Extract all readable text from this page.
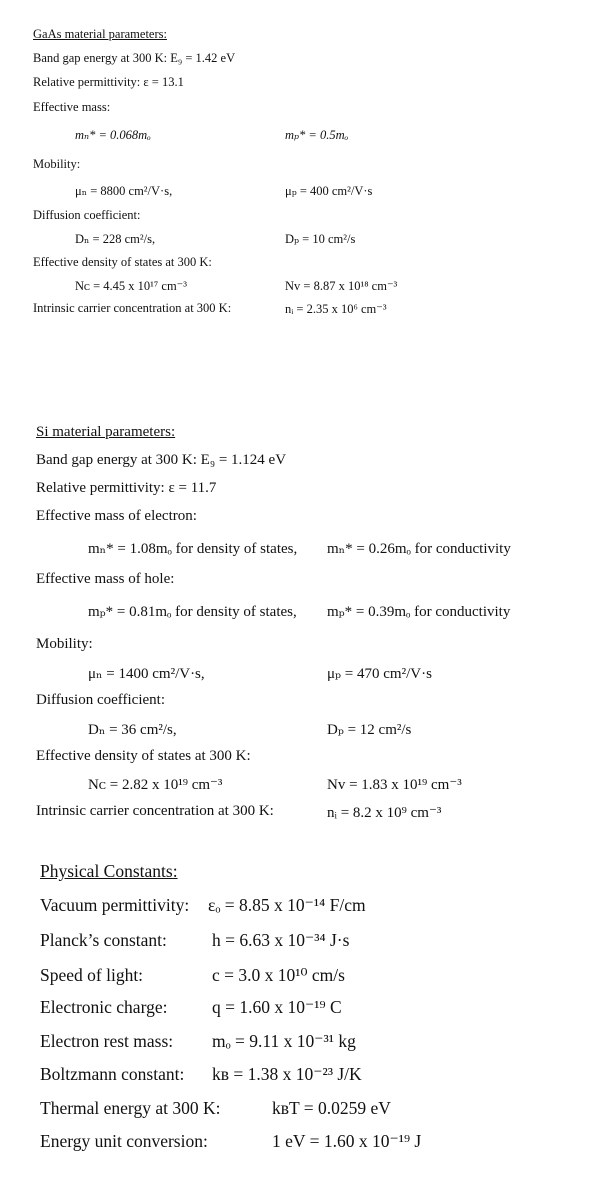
GaAs material parameters:
Band gap energy at 300 K: E₉ = 1.42 eV
Relative permittivity: ε = 13.1
Effective mass:
mₙ* = 0.068mₒ	mₚ* = 0.5mₒ
Mobility:
μₙ = 8800 cm²/V·s,	μₚ = 400 cm²/V·s
Diffusion coefficient:
Dₙ = 228 cm²/s,	Dₚ = 10 cm²/s
Effective density of states at 300 K:
Nᴄ = 4.45 x 10¹⁷ cm⁻³	Nᴠ = 8.87 x 10¹⁸ cm⁻³
Intrinsic carrier concentration at 300 K:	nᵢ = 2.35 x 10⁶ cm⁻³
Si material parameters:
Band gap energy at 300 K: E₉ = 1.124 eV
Relative permittivity: ε = 11.7
Effective mass of electron:
mₙ* = 1.08mₒ for density of states, mₙ* = 0.26mₒ for conductivity
Effective mass of hole:
mₚ* = 0.81mₒ for density of states, mₚ* = 0.39mₒ for conductivity
Mobility:
μₙ = 1400 cm²/V·s,	μₚ = 470 cm²/V·s
Diffusion coefficient:
Dₙ = 36 cm²/s,	Dₚ = 12 cm²/s
Effective density of states at 300 K:
Nᴄ = 2.82 x 10¹⁹ cm⁻³	Nᴠ = 1.83 x 10¹⁹ cm⁻³
Intrinsic carrier concentration at 300 K:	nᵢ = 8.2 x 10⁹ cm⁻³
Physical Constants:
Vacuum permittivity: εₒ = 8.85 x 10⁻¹⁴ F/cm
Planck’s constant:	h = 6.63 x 10⁻³⁴ J·s
Speed of light:	c = 3.0 x 10¹⁰ cm/s
Electronic charge:	q = 1.60 x 10⁻¹⁹ C
Electron rest mass: mₒ = 9.11 x 10⁻³¹ kg
Boltzmann constant: kʙ = 1.38 x 10⁻²³ J/K
Thermal energy at 300 K:	kʙT = 0.0259 eV
Energy unit conversion:	1 eV = 1.60 x 10⁻¹⁹ J
